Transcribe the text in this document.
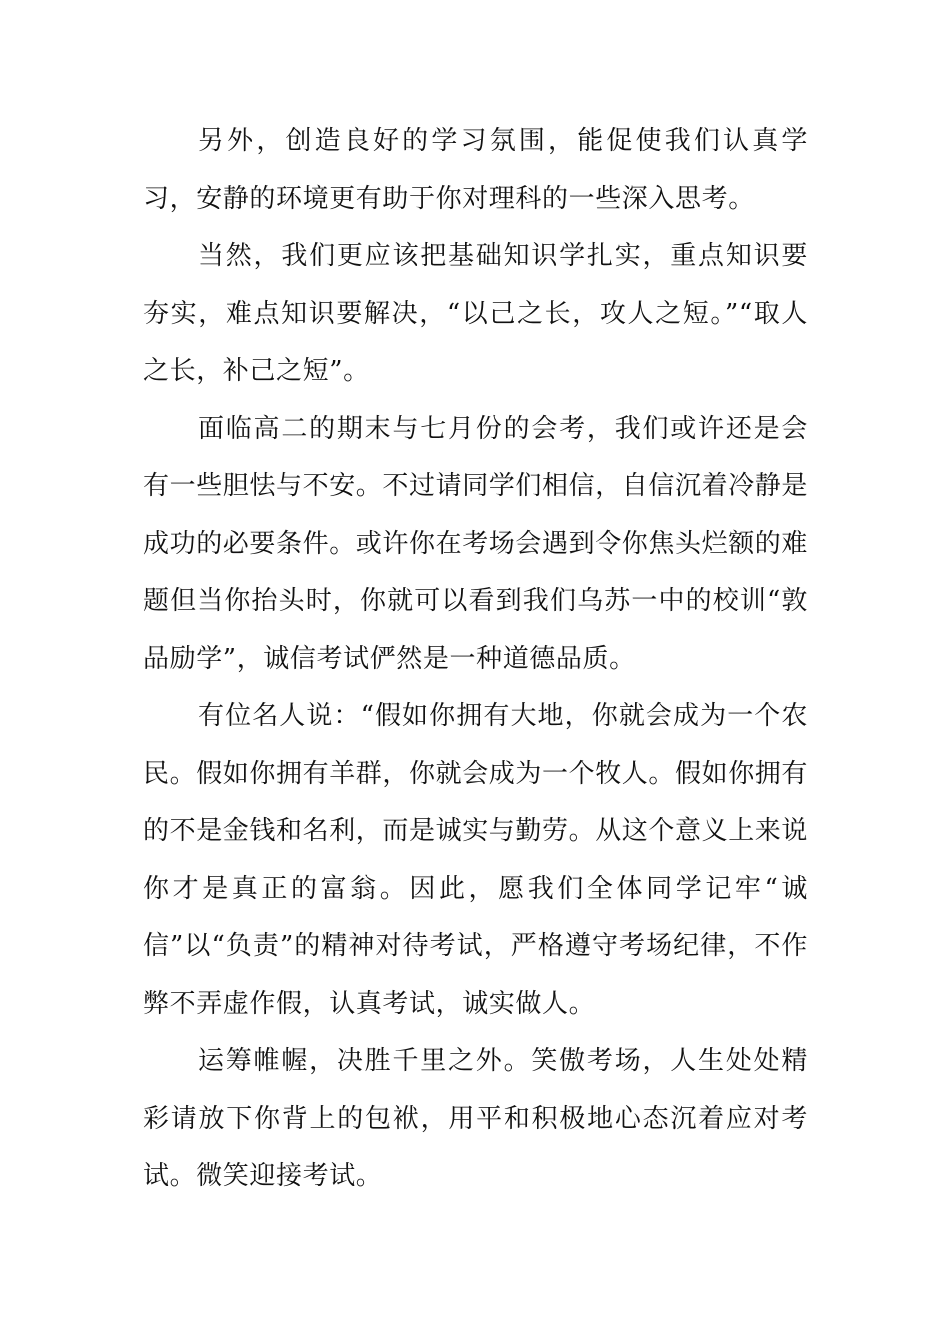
另外，创造良好的学习氛围，能促使我们认真学习，安静的环境更有助于你对理科的一些深入思考。

当然，我们更应该把基础知识学扎实，重点知识要夯实，难点知识要解决，“以己之长，攻人之短。”“取人之长，补己之短”。

面临高二的期末与七月份的会考，我们或许还是会有一些胆怯与不安。不过请同学们相信，自信沉着冷静是成功的必要条件。或许你在考场会遇到令你焦头烂额的难题但当你抬头时，你就可以看到我们乌苏一中的校训“敦品励学”，诚信考试俨然是一种道德品质。

有位名人说：“假如你拥有大地，你就会成为一个农民。假如你拥有羊群，你就会成为一个牧人。假如你拥有的不是金钱和名利，而是诚实与勤劳。从这个意义上来说你才是真正的富翁。因此，愿我们全体同学记牢“诚信”以“负责”的精神对待考试，严格遵守考场纪律，不作弊不弄虚作假，认真考试，诚实做人。

运筹帷幄，决胜千里之外。笑傲考场，人生处处精彩请放下你背上的包袱，用平和积极地心态沉着应对考试。微笑迎接考试。
